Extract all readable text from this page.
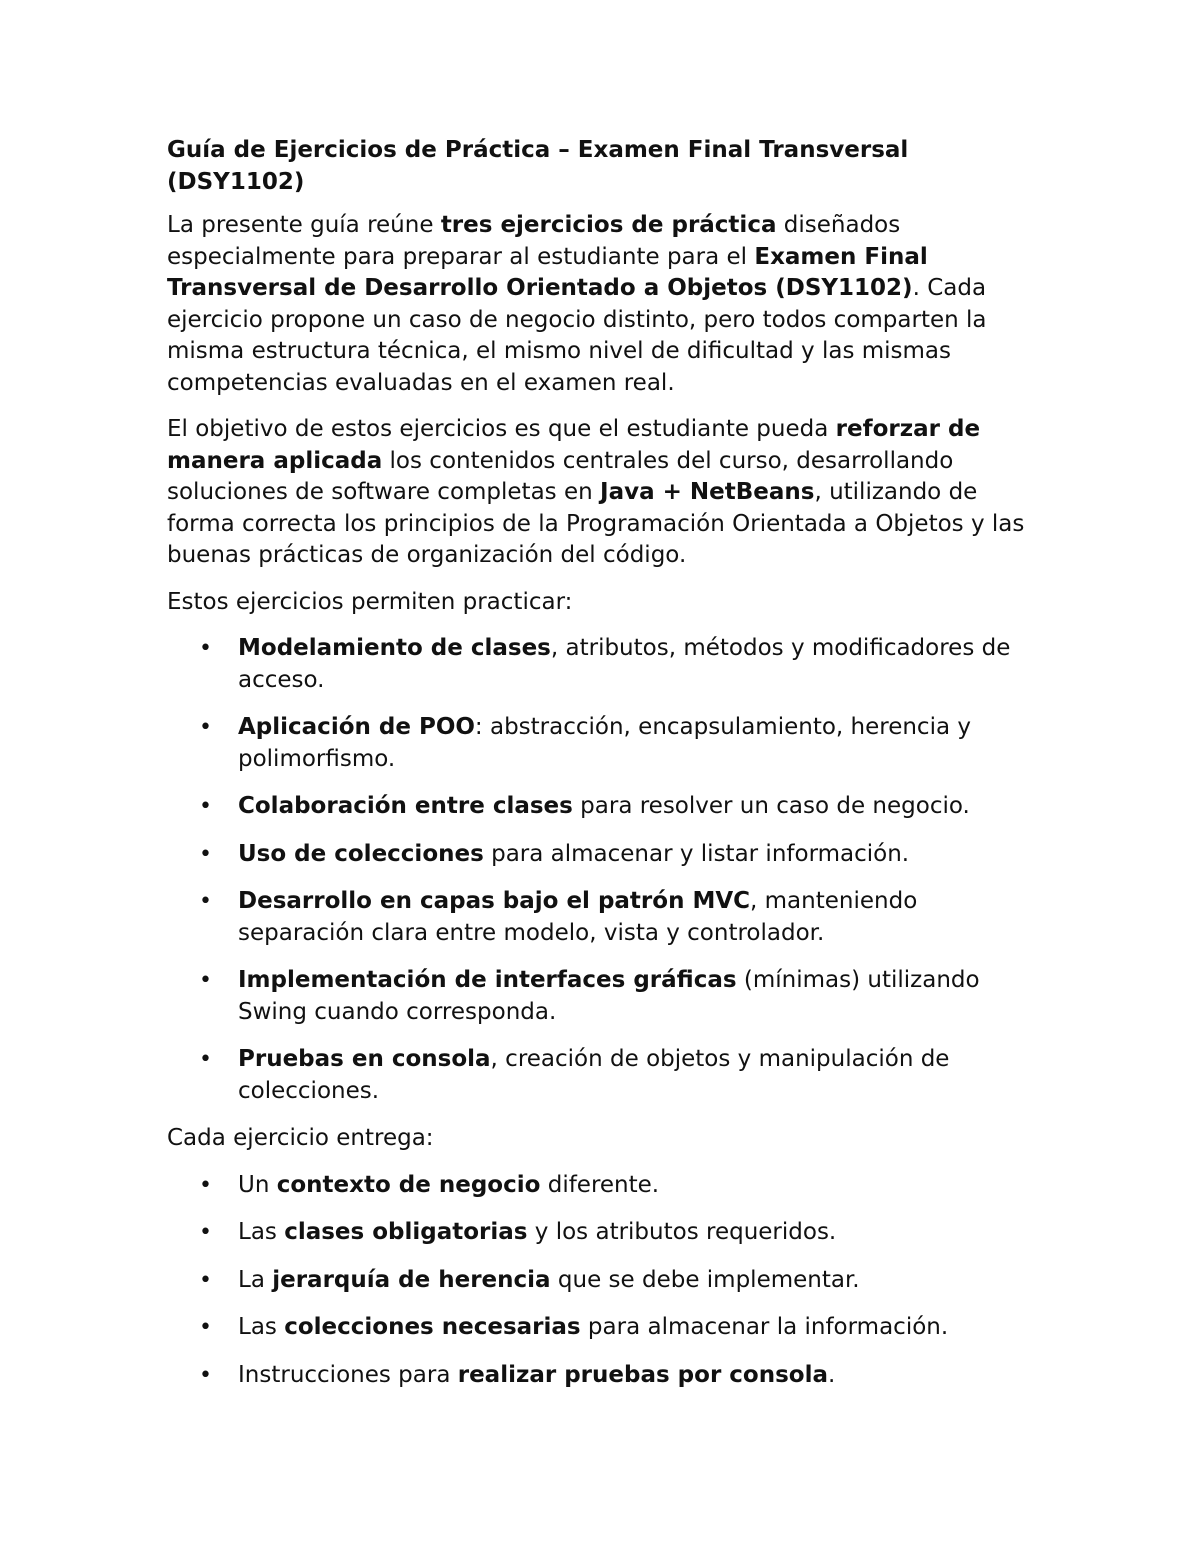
Guía de Ejercicios de Práctica – Examen Final Transversal (DSY1102)

La presente guía reúne tres ejercicios de práctica diseñados especialmente para preparar al estudiante para el Examen Final Transversal de Desarrollo Orientado a Objetos (DSY1102). Cada ejercicio propone un caso de negocio distinto, pero todos comparten la misma estructura técnica, el mismo nivel de dificultad y las mismas competencias evaluadas en el examen real.

El objetivo de estos ejercicios es que el estudiante pueda reforzar de manera aplicada los contenidos centrales del curso, desarrollando soluciones de software completas en Java + NetBeans, utilizando de forma correcta los principios de la Programación Orientada a Objetos y las buenas prácticas de organización del código.

Estos ejercicios permiten practicar:

• Modelamiento de clases, atributos, métodos y modificadores de acceso.
• Aplicación de POO: abstracción, encapsulamiento, herencia y polimorfismo.
• Colaboración entre clases para resolver un caso de negocio.
• Uso de colecciones para almacenar y listar información.
• Desarrollo en capas bajo el patrón MVC, manteniendo separación clara entre modelo, vista y controlador.
• Implementación de interfaces gráficas (mínimas) utilizando Swing cuando corresponda.
• Pruebas en consola, creación de objetos y manipulación de colecciones.

Cada ejercicio entrega:

• Un contexto de negocio diferente.
• Las clases obligatorias y los atributos requeridos.
• La jerarquía de herencia que se debe implementar.
• Las colecciones necesarias para almacenar la información.
• Instrucciones para realizar pruebas por consola.
